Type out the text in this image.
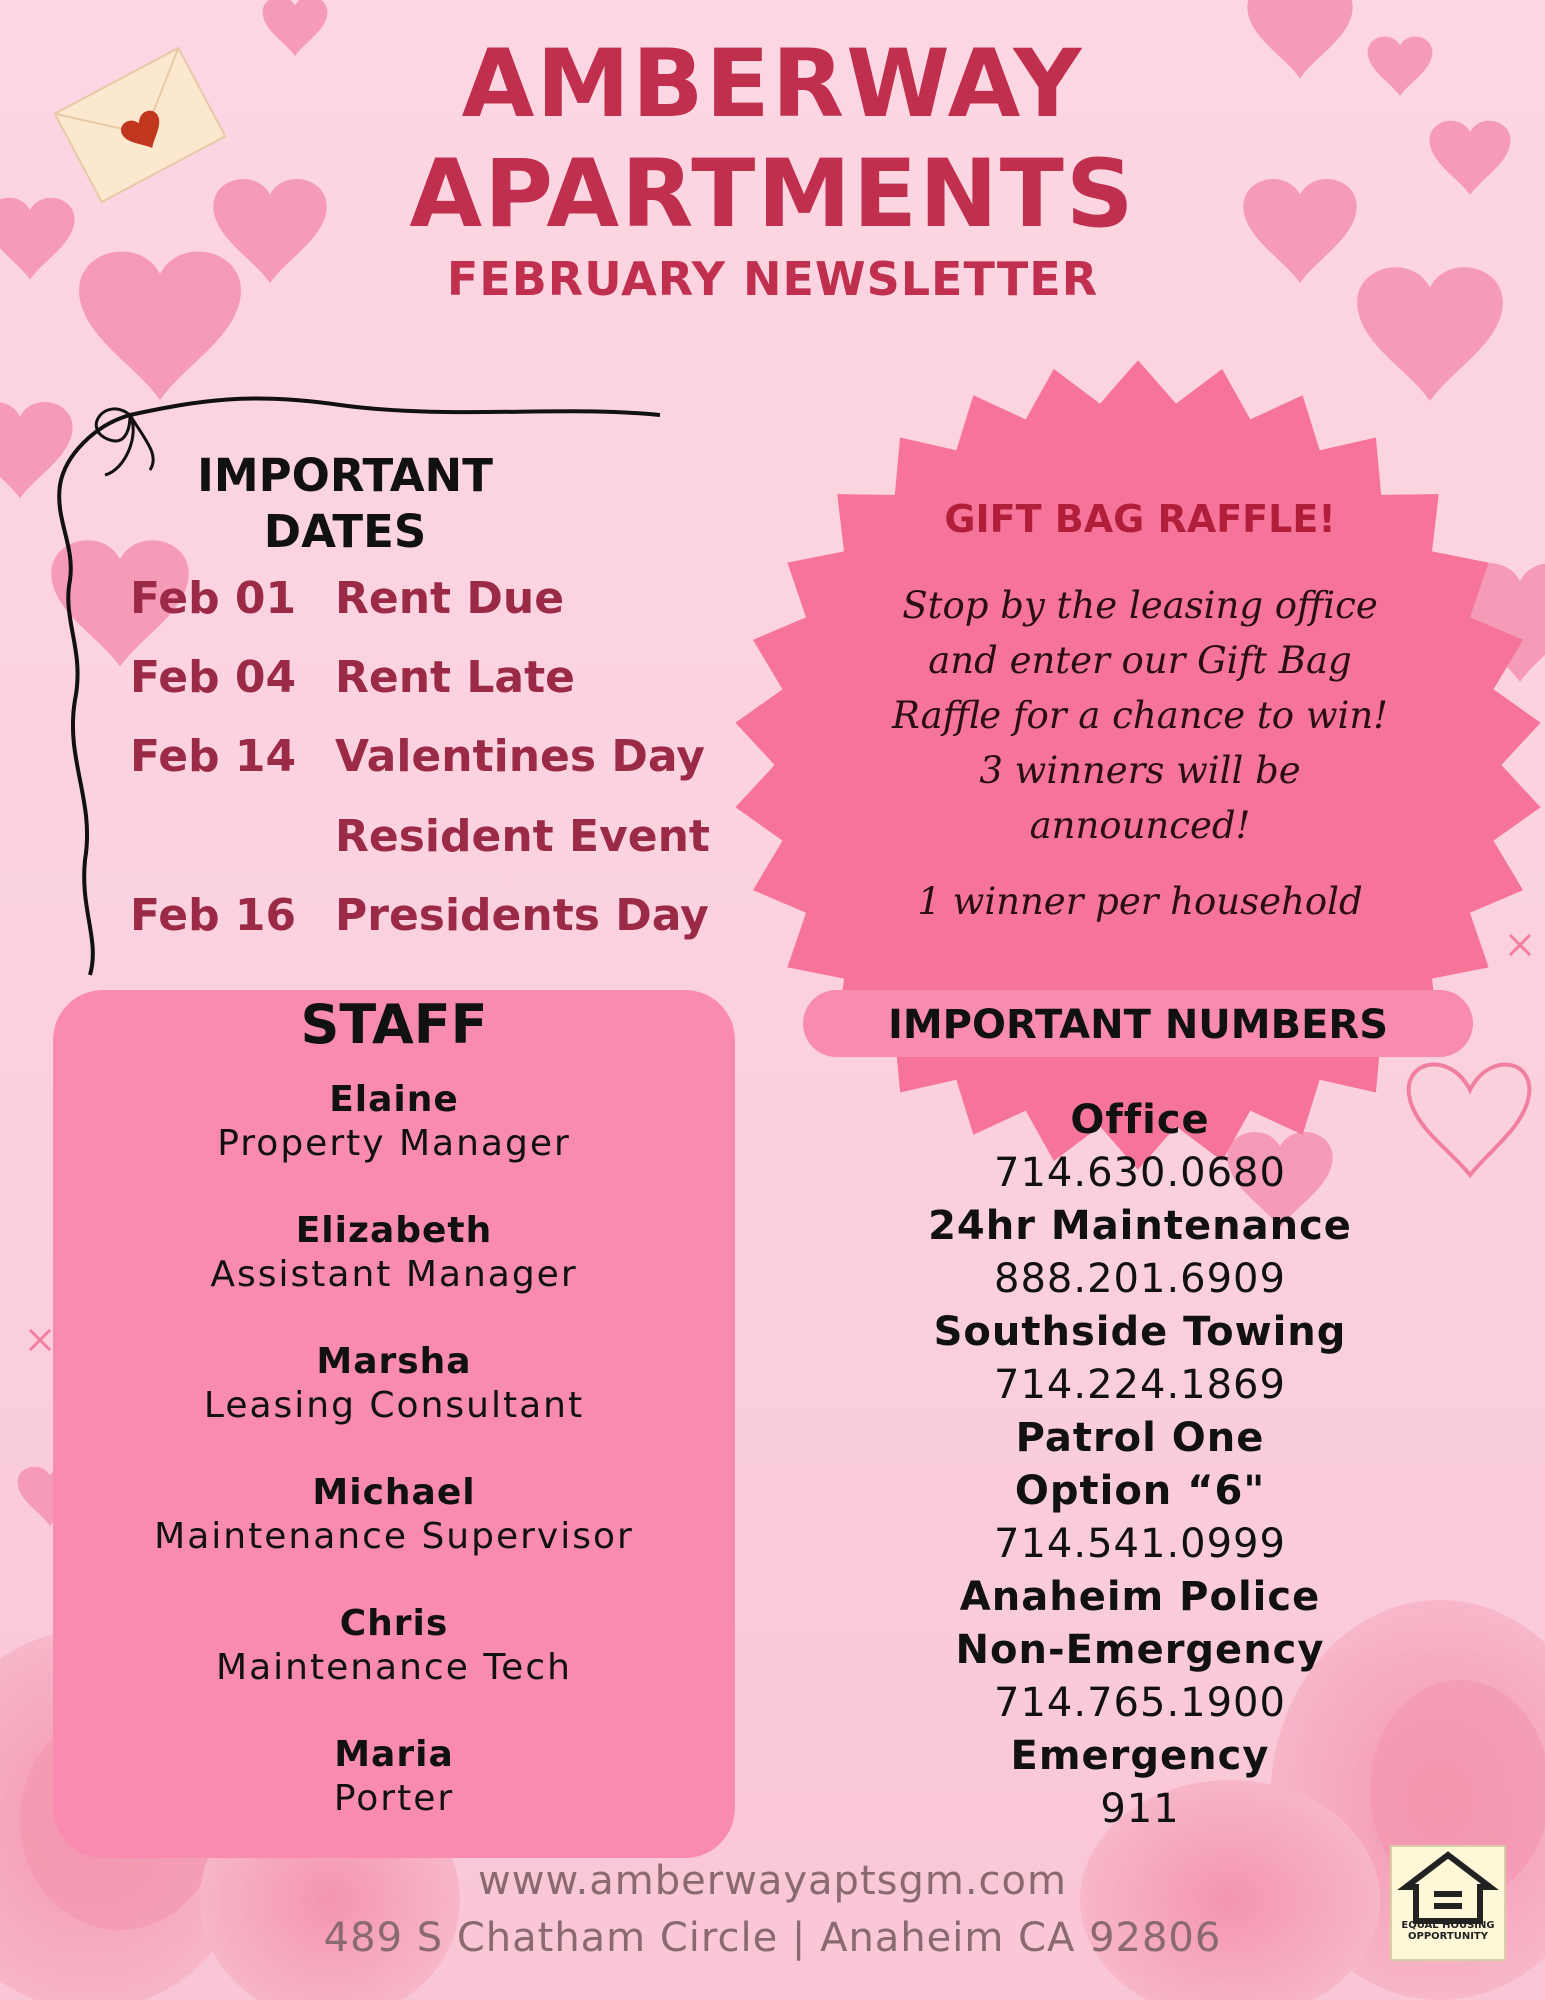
AMBERWAY
APARTMENTS
FEBRUARY NEWSLETTER
IMPORTANT
DATES
Feb 01 Rent Due
Feb 04 Rent Late
Feb 14 Valentines Day
Resident Event
Feb 16 Presidents Day
GIFT BAG RAFFLE!
Stop by the leasing office
and enter our Gift Bag
Raffle for a chance to win!
3 winners will be
announced!
1 winner per household
STAFF
Elaine
Property Manager
Elizabeth
Assistant Manager
Marsha
Leasing Consultant
Michael
Maintenance Supervisor
Chris
Maintenance Tech
Maria
Porter
IMPORTANT NUMBERS
Office
714.630.0680
24hr Maintenance
888.201.6909
Southside Towing
714.224.1869
Patrol One
Option “6"
714.541.0999
Anaheim Police
Non-Emergency
714.765.1900
Emergency
911
www.amberwayaptsgm.com
489 S Chatham Circle | Anaheim CA 92806	EQUAL HOUSING
OPPORTUNITY
